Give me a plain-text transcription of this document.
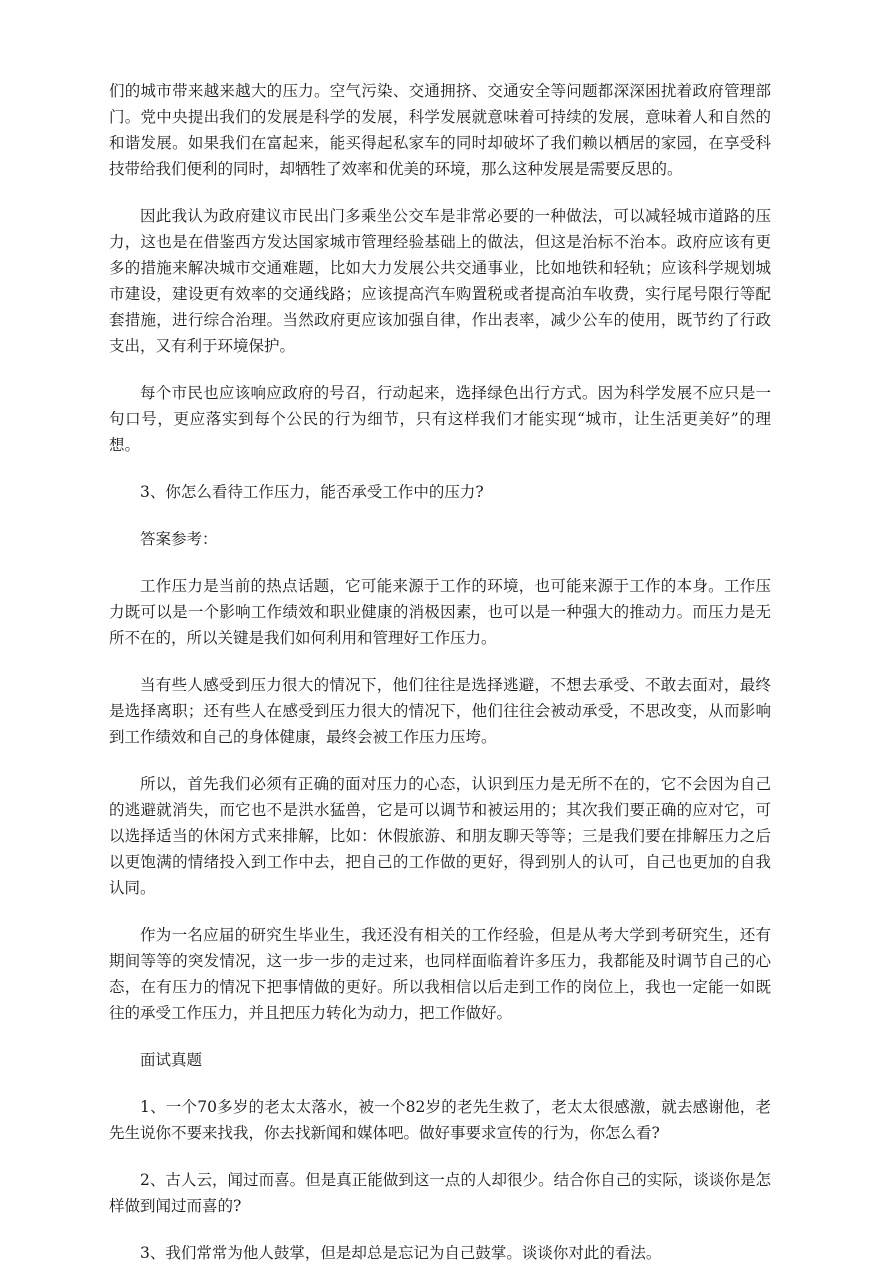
们的城市带来越来越大的压力。空气污染、交通拥挤、交通安全等问题都深深困扰着政府管理部门。党中央提出我们的发展是科学的发展，科学发展就意味着可持续的发展，意味着人和自然的和谐发展。如果我们在富起来，能买得起私家车的同时却破坏了我们赖以栖居的家园，在享受科技带给我们便利的同时，却牺牲了效率和优美的环境，那么这种发展是需要反思的。

因此我认为政府建议市民出门多乘坐公交车是非常必要的一种做法，可以减轻城市道路的压力，这也是在借鉴西方发达国家城市管理经验基础上的做法，但这是治标不治本。政府应该有更多的措施来解决城市交通难题，比如大力发展公共交通事业，比如地铁和轻轨；应该科学规划城市建设，建设更有效率的交通线路；应该提高汽车购置税或者提高泊车收费，实行尾号限行等配套措施，进行综合治理。当然政府更应该加强自律，作出表率，减少公车的使用，既节约了行政支出，又有利于环境保护。

每个市民也应该响应政府的号召，行动起来，选择绿色出行方式。因为科学发展不应只是一句口号，更应落实到每个公民的行为细节，只有这样我们才能实现“城市，让生活更美好”的理想。

3、你怎么看待工作压力，能否承受工作中的压力?

答案参考：

工作压力是当前的热点话题，它可能来源于工作的环境，也可能来源于工作的本身。工作压力既可以是一个影响工作绩效和职业健康的消极因素，也可以是一种强大的推动力。而压力是无所不在的，所以关键是我们如何利用和管理好工作压力。

当有些人感受到压力很大的情况下，他们往往是选择逃避，不想去承受、不敢去面对，最终是选择离职；还有些人在感受到压力很大的情况下，他们往往会被动承受，不思改变，从而影响到工作绩效和自己的身体健康，最终会被工作压力压垮。

所以，首先我们必须有正确的面对压力的心态，认识到压力是无所不在的，它不会因为自己的逃避就消失，而它也不是洪水猛兽，它是可以调节和被运用的；其次我们要正确的应对它，可以选择适当的休闲方式来排解，比如：休假旅游、和朋友聊天等等；三是我们要在排解压力之后以更饱满的情绪投入到工作中去，把自己的工作做的更好，得到别人的认可，自己也更加的自我认同。

作为一名应届的研究生毕业生，我还没有相关的工作经验，但是从考大学到考研究生，还有期间等等的突发情况，这一步一步的走过来，也同样面临着许多压力，我都能及时调节自己的心态，在有压力的情况下把事情做的更好。所以我相信以后走到工作的岗位上，我也一定能一如既往的承受工作压力，并且把压力转化为动力，把工作做好。

面试真题

1、一个70多岁的老太太落水，被一个82岁的老先生救了，老太太很感激，就去感谢他，老先生说你不要来找我，你去找新闻和媒体吧。做好事要求宣传的行为，你怎么看?

2、古人云，闻过而喜。但是真正能做到这一点的人却很少。结合你自己的实际，谈谈你是怎样做到闻过而喜的?

3、我们常常为他人鼓掌，但是却总是忘记为自己鼓掌。谈谈你对此的看法。
